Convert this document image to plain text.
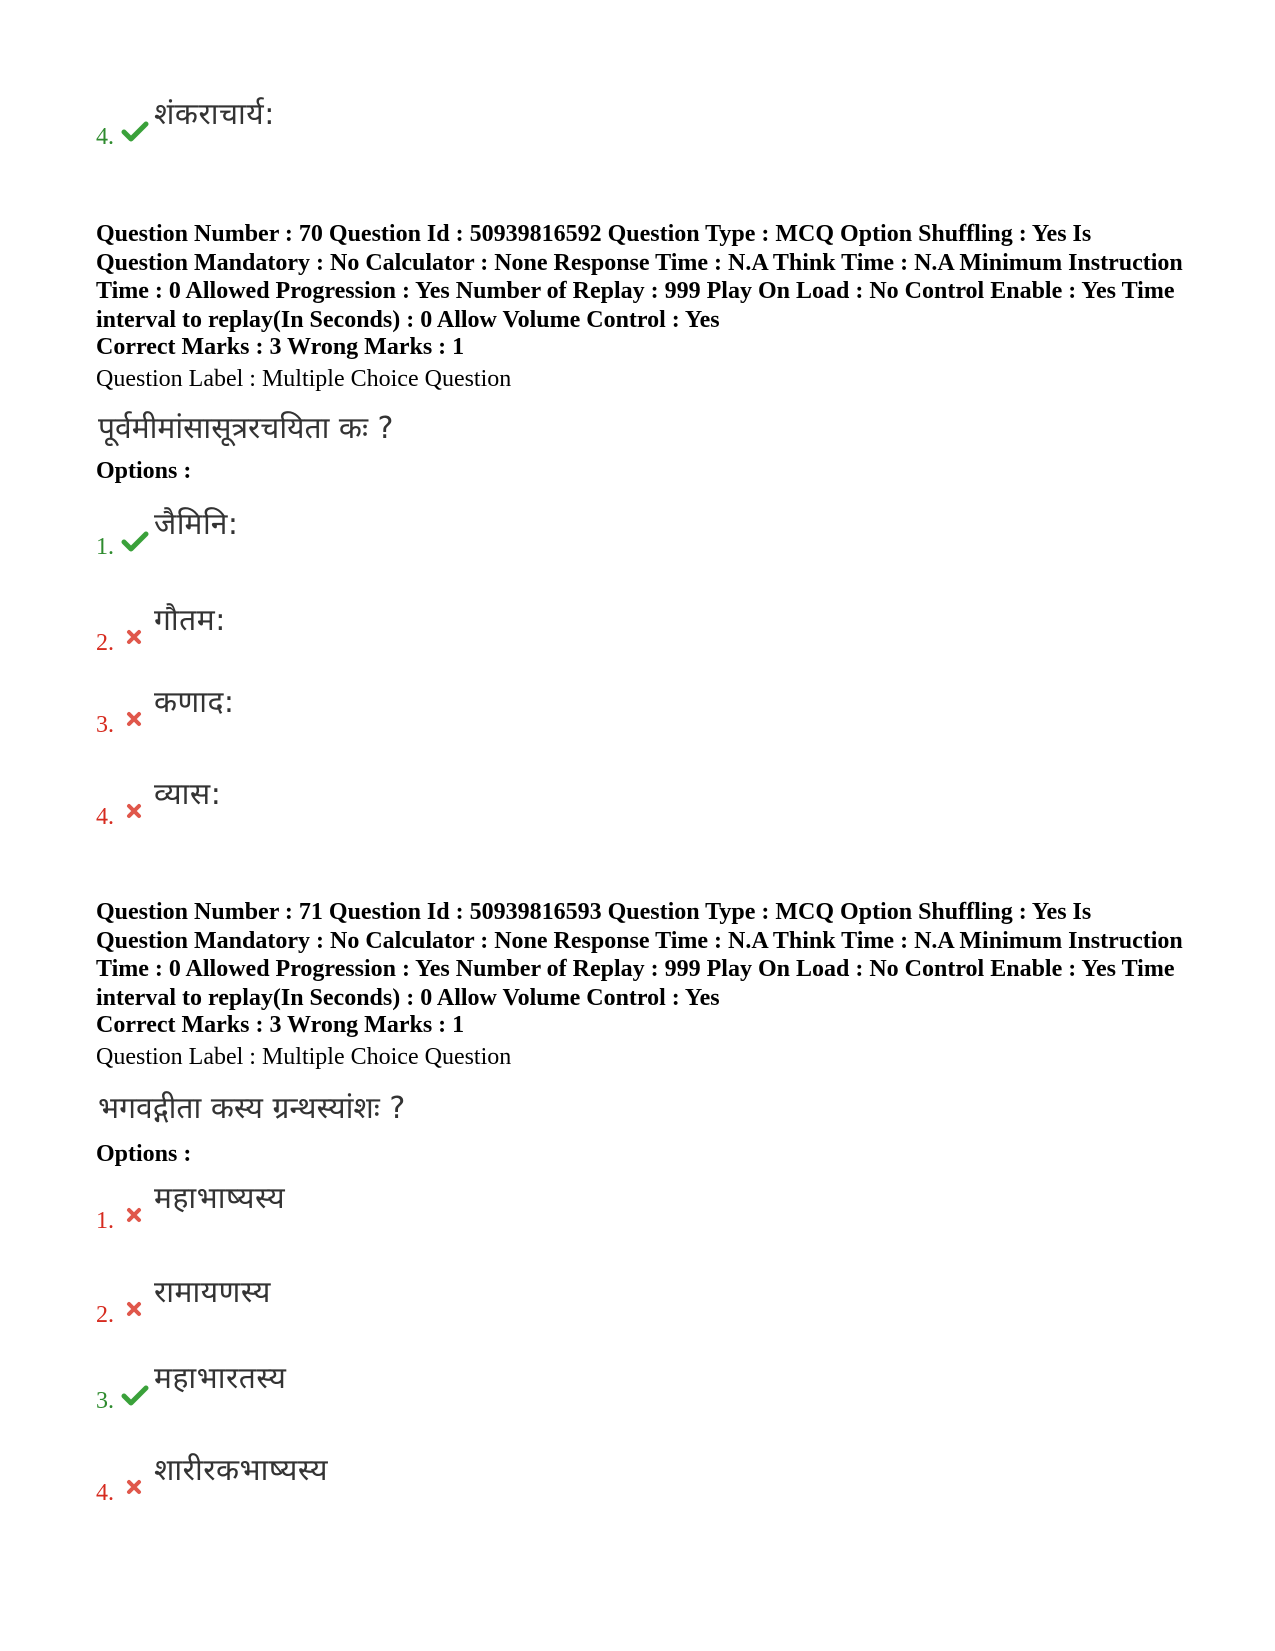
4.
शंकराचार्य:
Question Number : 70 Question Id : 50939816592 Question Type : MCQ Option Shuffling : Yes Is Question Mandatory : No Calculator : None Response Time : N.A Think Time : N.A Minimum Instruction Time : 0 Allowed Progression : Yes Number of Replay : 999 Play On Load : No Control Enable : Yes Time interval to replay(In Seconds) : 0 Allow Volume Control : Yes
Correct Marks : 3 Wrong Marks : 1
Question Label : Multiple Choice Question
पूर्वमीमांसासूत्ररचयिता कः ?
Options :
1.
जैमिनि:
2.
गौतम:
3.
कणाद:
4.
व्यास:
Question Number : 71 Question Id : 50939816593 Question Type : MCQ Option Shuffling : Yes Is Question Mandatory : No Calculator : None Response Time : N.A Think Time : N.A Minimum Instruction Time : 0 Allowed Progression : Yes Number of Replay : 999 Play On Load : No Control Enable : Yes Time interval to replay(In Seconds) : 0 Allow Volume Control : Yes
Correct Marks : 3 Wrong Marks : 1
Question Label : Multiple Choice Question
भगवद्गीता कस्य ग्रन्थस्यांशः ?
Options :
1.
महाभाष्यस्य
2.
रामायणस्य
3.
महाभारतस्य
4.
शारीरकभाष्यस्य
